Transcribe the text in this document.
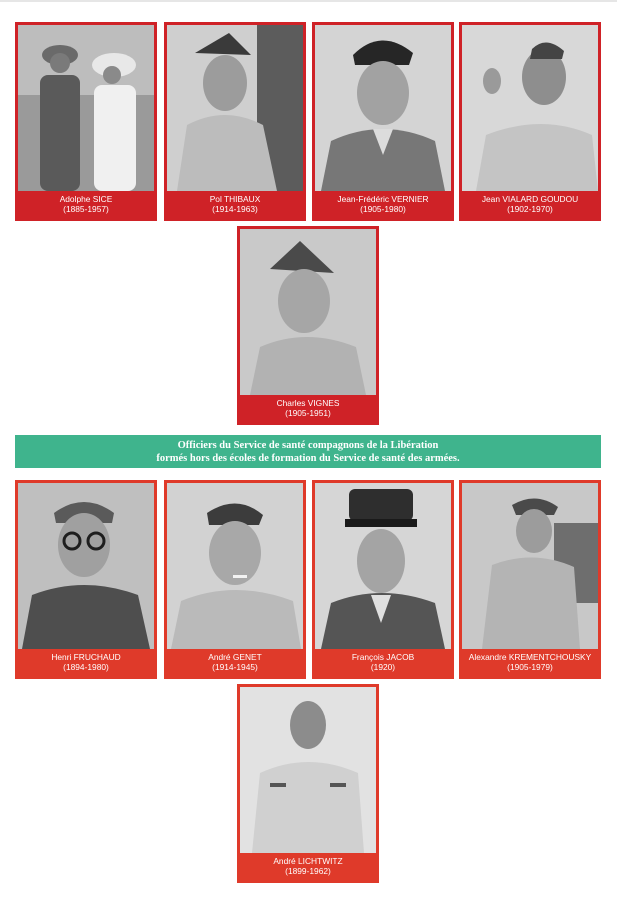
Adolphe SICE
(1885-1957)
Pol THIBAUX
(1914-1963)
Jean-Frédéric VERNIER
(1905-1980)
Jean VIALARD GOUDOU
(1902-1970)
Charles VIGNES
(1905-1951)
Officiers du Service de santé compagnons de la Libération
formés hors des écoles de formation du Service de santé des armées.
Henri FRUCHAUD
(1894-1980)
André GENET
(1914-1945)
François JACOB
(1920)
Alexandre KREMENTCHOUSKY
(1905-1979)
André LICHTWITZ
(1899-1962)
